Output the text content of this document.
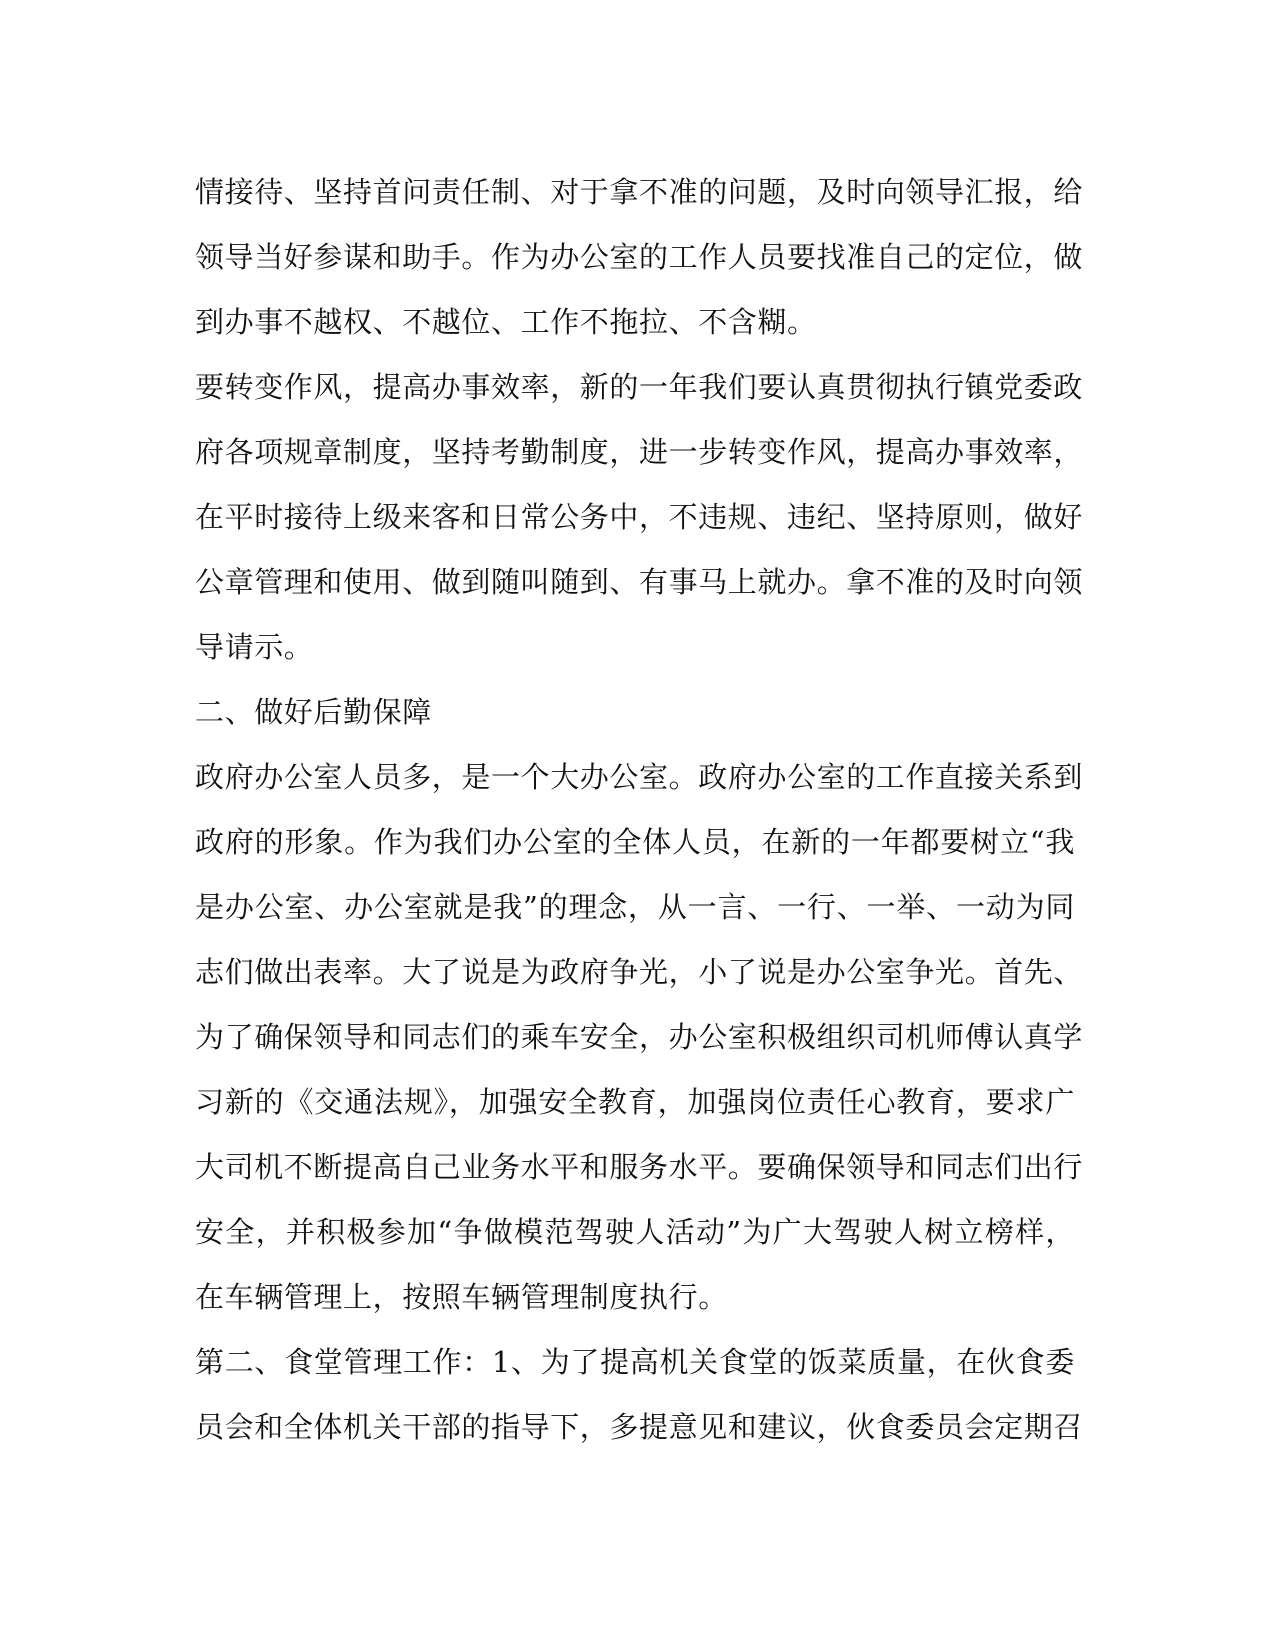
情接待、坚持首问责任制、对于拿不准的问题，及时向领导汇报，给
领导当好参谋和助手。作为办公室的工作人员要找准自己的定位，做
到办事不越权、不越位、工作不拖拉、不含糊。
要转变作风，提高办事效率，新的一年我们要认真贯彻执行镇党委政
府各项规章制度，坚持考勤制度，进一步转变作风，提高办事效率，
在平时接待上级来客和日常公务中，不违规、违纪、坚持原则，做好
公章管理和使用、做到随叫随到、有事马上就办。拿不准的及时向领
导请示。
二、做好后勤保障
政府办公室人员多，是一个大办公室。政府办公室的工作直接关系到
政府的形象。作为我们办公室的全体人员，在新的一年都要树立“我
是办公室、办公室就是我”的理念，从一言、一行、一举、一动为同
志们做出表率。大了说是为政府争光，小了说是办公室争光。首先、
为了确保领导和同志们的乘车安全，办公室积极组织司机师傅认真学
习新的《交通法规》，加强安全教育，加强岗位责任心教育，要求广
大司机不断提高自己业务水平和服务水平。要确保领导和同志们出行
安全，并积极参加“争做模范驾驶人活动”为广大驾驶人树立榜样，
在车辆管理上，按照车辆管理制度执行。
第二、食堂管理工作：1、为了提高机关食堂的饭菜质量，在伙食委
员会和全体机关干部的指导下，多提意见和建议，伙食委员会定期召
